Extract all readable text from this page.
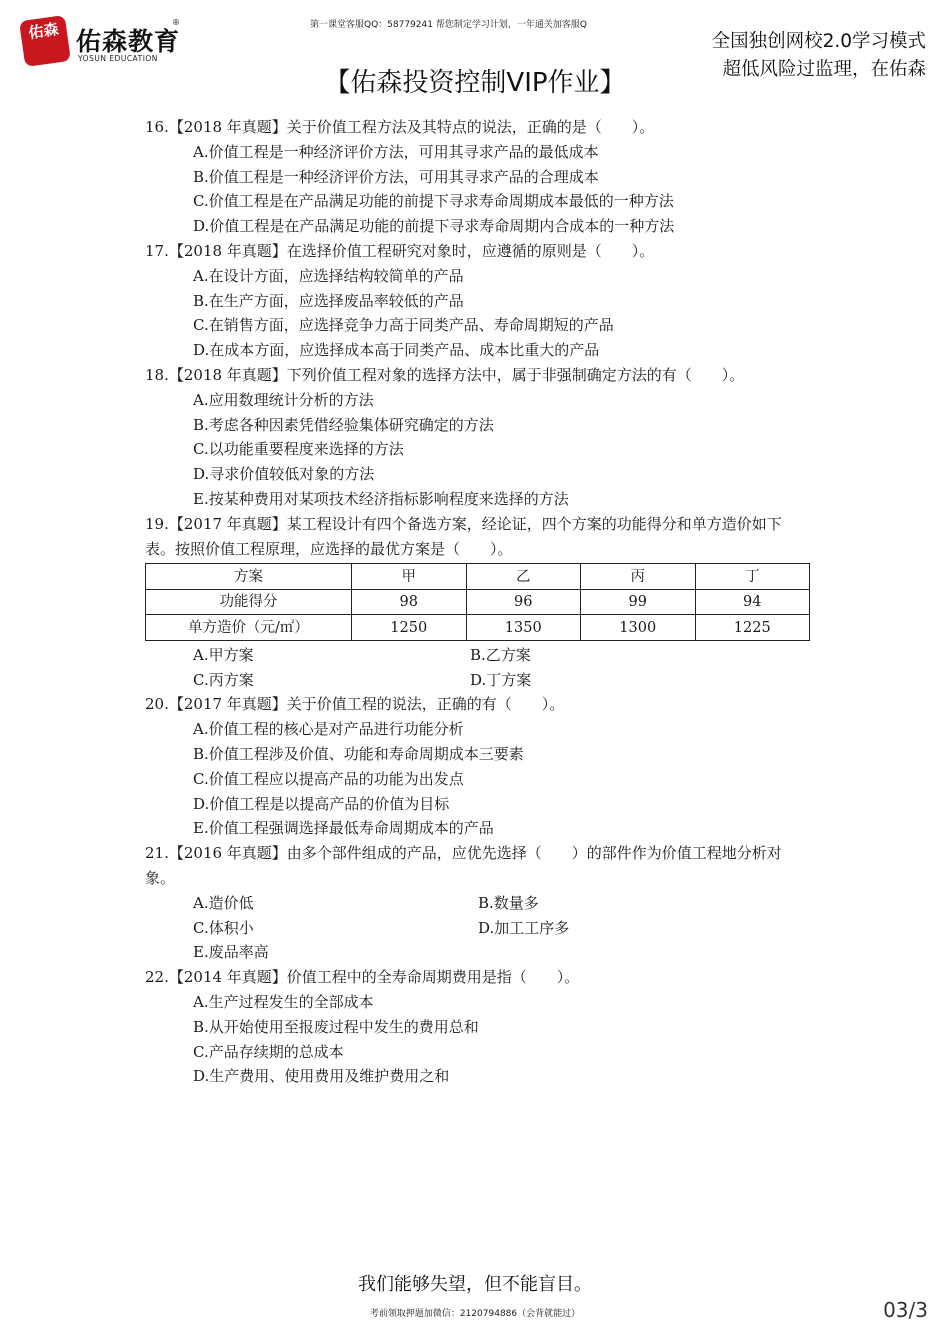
佑森 佑森教育
®
YOSUN EDUCATION
第一课堂客服QQ：58779241 帮您制定学习计划，一年通关加客服Q
全国独创网校2.0学习模式
超低风险过监理，在佑森
【佑森投资控制VIP作业】
16.【2018 年真题】关于价值工程方法及其特点的说法，正确的是（　　）。
A.价值工程是一种经济评价方法，可用其寻求产品的最低成本
B.价值工程是一种经济评价方法，可用其寻求产品的合理成本
C.价值工程是在产品满足功能的前提下寻求寿命周期成本最低的一种方法
D.价值工程是在产品满足功能的前提下寻求寿命周期内合成本的一种方法
17.【2018 年真题】在选择价值工程研究对象时，应遵循的原则是（　　）。
A.在设计方面，应选择结构较简单的产品
B.在生产方面，应选择废品率较低的产品
C.在销售方面，应选择竞争力高于同类产品、寿命周期短的产品
D.在成本方面，应选择成本高于同类产品、成本比重大的产品
18.【2018 年真题】下列价值工程对象的选择方法中，属于非强制确定方法的有（　　）。
A.应用数理统计分析的方法
B.考虑各种因素凭借经验集体研究确定的方法
C.以功能重要程度来选择的方法
D.寻求价值较低对象的方法
E.按某种费用对某项技术经济指标影响程度来选择的方法
19.【2017 年真题】某工程设计有四个备选方案，经论证，四个方案的功能得分和单方造价如下表。按照价值工程原理，应选择的最优方案是（　　）。
方案	甲	乙	丙	丁
功能得分	98	96	99	94
单方造价（元/㎡）	1250	1350	1300	1225
A.甲方案	B.乙方案
C.丙方案	D.丁方案
20.【2017 年真题】关于价值工程的说法，正确的有（　　）。
A.价值工程的核心是对产品进行功能分析
B.价值工程涉及价值、功能和寿命周期成本三要素
C.价值工程应以提高产品的功能为出发点
D.价值工程是以提高产品的价值为目标
E.价值工程强调选择最低寿命周期成本的产品
21.【2016 年真题】由多个部件组成的产品，应优先选择（　　）的部件作为价值工程地分析对象。
A.造价低	B.数量多
C.体积小	D.加工工序多
E.废品率高
22.【2014 年真题】价值工程中的全寿命周期费用是指（　　）。
A.生产过程发生的全部成本
B.从开始使用至报废过程中发生的费用总和
C.产品存续期的总成本
D.生产费用、使用费用及维护费用之和
我们能够失望，但不能盲目。
考前领取押题加微信：2120794886（会背就能过）	03/3
